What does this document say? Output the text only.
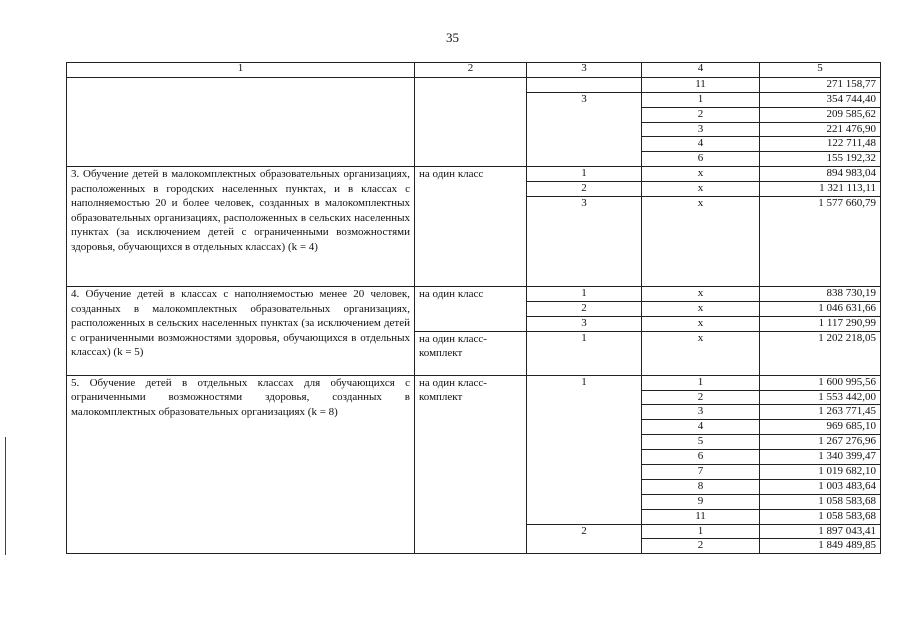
35
1	2	3	4	5
			11	271 158,77
		3	1	354 744,40
			2	209 585,62
			3	221 476,90
			4	122 711,48
			6	155 192,32
3. Обучение детей в малокомплектных образовательных организациях, расположенных в городских населенных пунктах, и в классах с наполняемостью 20 и более человек, созданных в малокомплектных образовательных организациях, расположенных в сельских населенных пунктах (за исключением детей с ограниченными возможностями здоровья, обучающихся в отдельных классах) (k = 4)	на один класс	1	x	894 983,04
		2	x	1 321 113,11
		3	x	1 577 660,79
4. Обучение детей в классах с наполняемостью менее 20 человек, созданных в малокомплектных образовательных организациях, расположенных в сельских населенных пунктах (за исключением детей с ограниченными возможностями здоровья, обучающихся в отдельных классах) (k = 5)	на один класс	1	x	838 730,19
		2	x	1 046 631,66
		3	x	1 117 290,99
	на один класс-комплект	1	x	1 202 218,05
5. Обучение детей в отдельных классах для обучающихся с ограниченными возможностями здоровья, созданных в малокомплектных образовательных организациях (k = 8)	на один класс-комплект	1	1	1 600 995,56
			2	1 553 442,00
			3	1 263 771,45
			4	969 685,10
			5	1 267 276,96
			6	1 340 399,47
			7	1 019 682,10
			8	1 003 483,64
			9	1 058 583,68
			11	1 058 583,68
		2	1	1 897 043,41
			2	1 849 489,85
